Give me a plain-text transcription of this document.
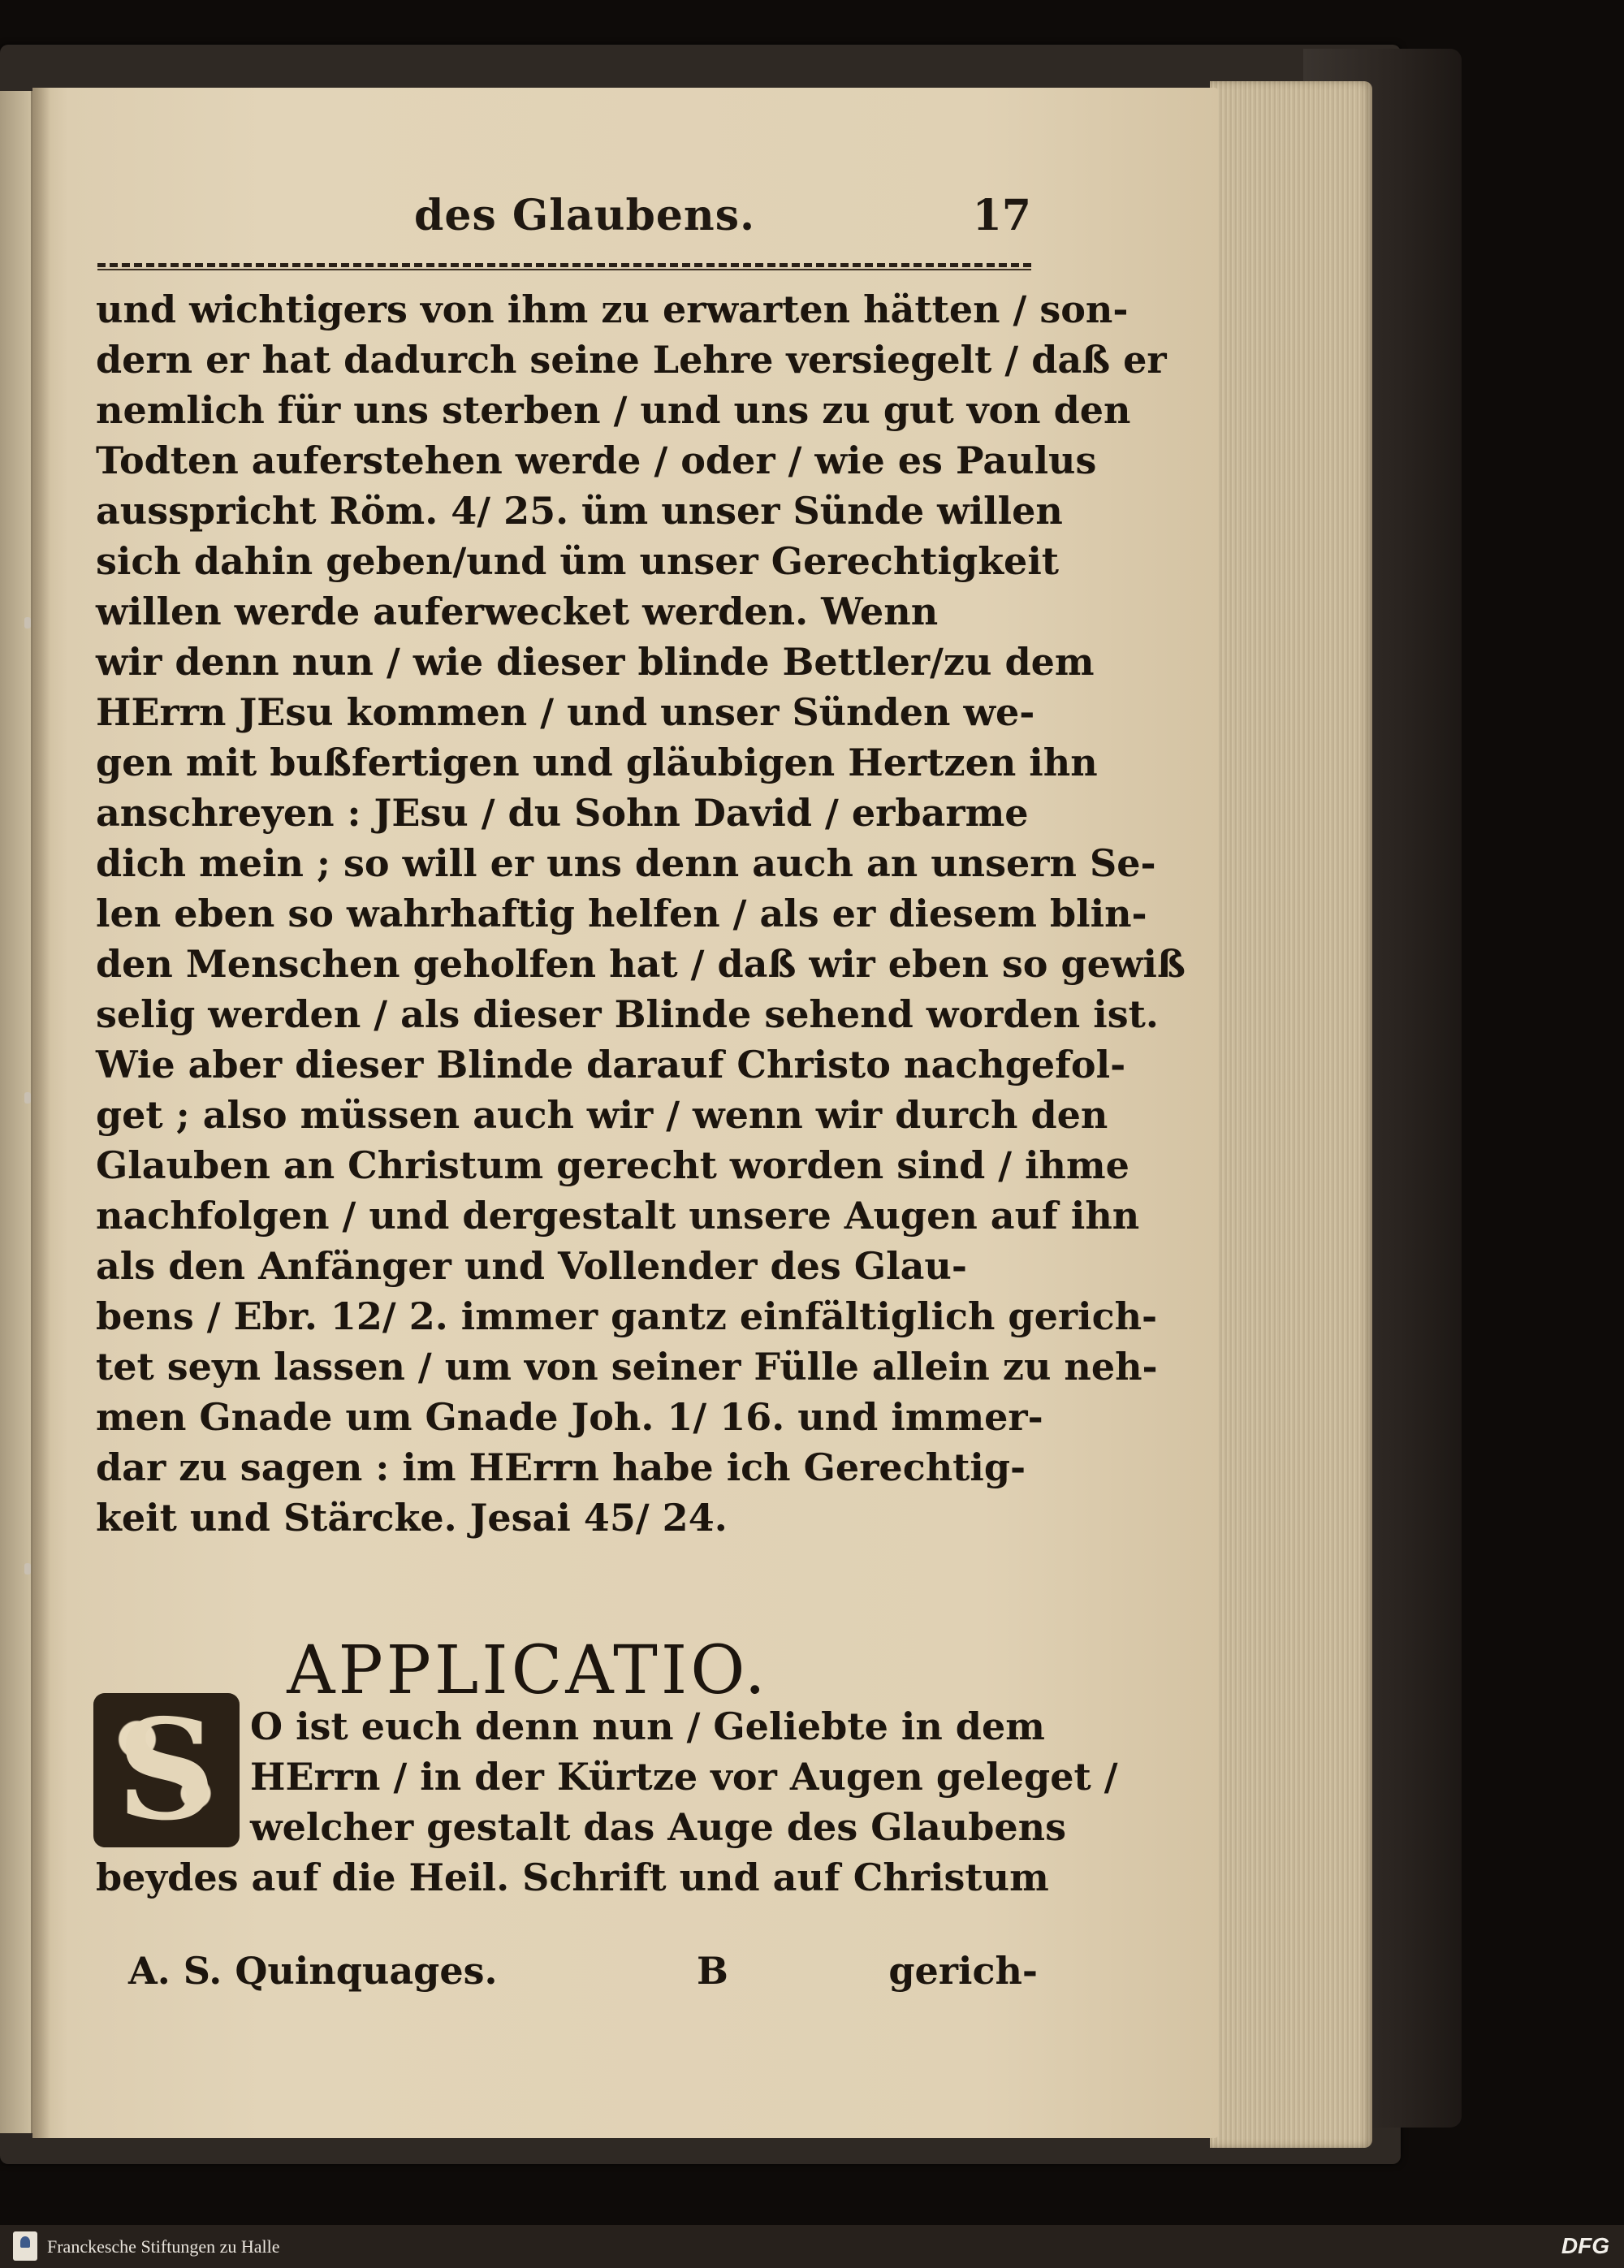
des Glaubens.	17
und wichtigers von ihm zu erwarten hätten / son-
dern er hat dadurch seine Lehre versiegelt / daß er
nemlich für uns sterben / und uns zu gut von den
Todten auferstehen werde / oder / wie es Paulus
ausspricht Röm. 4/ 25. üm unser Sünde willen
sich dahin geben/und üm unser Gerechtigkeit
willen werde auferwecket werden. Wenn
wir denn nun / wie dieser blinde Bettler/zu dem
HErrn JEsu kommen / und unser Sünden we-
gen mit bußfertigen und gläubigen Hertzen ihn
anschreyen : JEsu / du Sohn David / erbarme
dich mein ; so will er uns denn auch an unsern Se-
len eben so wahrhaftig helfen / als er diesem blin-
den Menschen geholfen hat / daß wir eben so gewiß
selig werden / als dieser Blinde sehend worden ist.
Wie aber dieser Blinde darauf Christo nachgefol-
get ; also müssen auch wir / wenn wir durch den
Glauben an Christum gerecht worden sind / ihme
nachfolgen / und dergestalt unsere Augen auf ihn
als den Anfänger und Vollender des Glau-
bens / Ebr. 12/ 2. immer gantz einfältiglich gerich-
tet seyn lassen / um von seiner Fülle allein zu neh-
men Gnade um Gnade Joh. 1/ 16. und immer-
dar zu sagen : im HErrn habe ich Gerechtig-
keit und Stärcke. Jesai 45/ 24.
APPLICATIO.
O ist euch denn nun / Geliebte in dem
HErrn / in der Kürtze vor Augen geleget /
welcher gestalt das Auge des Glaubens
beydes auf die Heil. Schrift und auf Christum
S
A. S. Quinquages.	B	gerich-
Franckesche Stiftungen zu Halle	DFG
